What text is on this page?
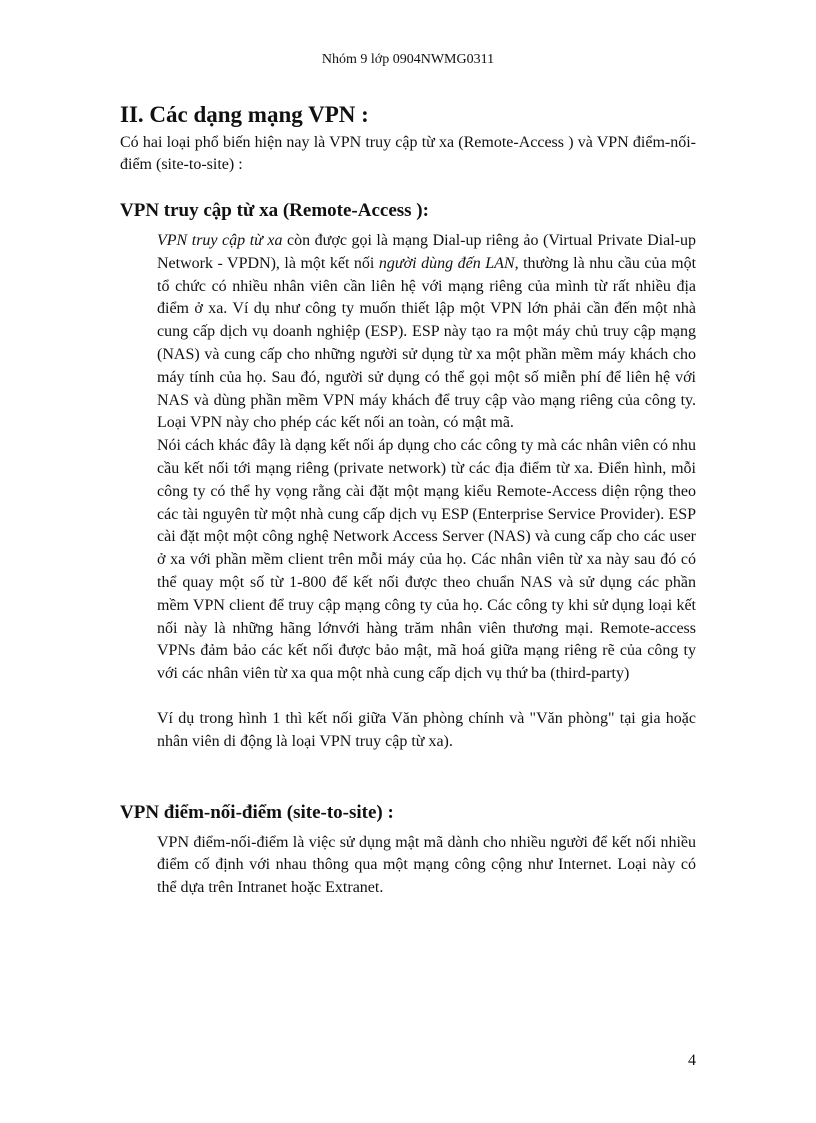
Nhóm 9 lớp 0904NWMG0311
II. Các dạng mạng VPN :

Có hai loại phổ biến hiện nay là VPN truy cập từ xa (Remote-Access ) và VPN điểm-nối-điểm (site-to-site) :

VPN truy cập từ xa (Remote-Access ):

VPN truy cập từ xa còn được gọi là mạng Dial-up riêng ảo (Virtual Private Dial-up Network - VPDN), là một kết nối người dùng đến LAN, thường là nhu cầu của một tổ chức có nhiều nhân viên cần liên hệ với mạng riêng của mình từ rất nhiều địa điểm ở xa. Ví dụ như công ty muốn thiết lập một VPN lớn phải cần đến một nhà cung cấp dịch vụ doanh nghiệp (ESP). ESP này tạo ra một máy chủ truy cập mạng (NAS) và cung cấp cho những người sử dụng từ xa một phần mềm máy khách cho máy tính của họ. Sau đó, người sử dụng có thể gọi một số miễn phí để liên hệ với NAS và dùng phần mềm VPN máy khách để truy cập vào mạng riêng của công ty. Loại VPN này cho phép các kết nối an toàn, có mật mã.

Nói cách khác đây là dạng kết nối áp dụng cho các công ty mà các nhân viên có nhu cầu kết nối tới mạng riêng (private network) từ các địa điểm từ xa. Điển hình, mỗi công ty có thể hy vọng rằng cài đặt một mạng kiểu Remote-Access diện rộng theo các tài nguyên từ một nhà cung cấp dịch vụ ESP (Enterprise Service Provider). ESP cài đặt một một công nghệ Network Access Server (NAS) và cung cấp cho các user ở xa với phần mềm client trên mỗi máy của họ. Các nhân viên từ xa này sau đó có thể quay một số từ 1-800 để kết nối được theo chuẩn NAS và sử dụng các phần mềm VPN client để truy cập mạng công ty của họ. Các công ty khi sử dụng loại kết nối này là những hãng lớnvới hàng trăm nhân viên thương mại. Remote-access VPNs đảm bảo các kết nối được bảo mật, mã hoá giữa mạng riêng rẽ của công ty với các nhân viên từ xa qua một nhà cung cấp dịch vụ thứ ba (third-party)

Ví dụ trong hình 1 thì kết nối giữa Văn phòng chính và "Văn phòng" tại gia hoặc nhân viên di động là loại VPN truy cập từ xa).

VPN điểm-nối-điểm (site-to-site) :

VPN điểm-nối-điểm là việc sử dụng mật mã dành cho nhiều người để kết nối nhiều điểm cố định với nhau thông qua một mạng công cộng như Internet. Loại này có thể dựa trên Intranet hoặc Extranet.

4
